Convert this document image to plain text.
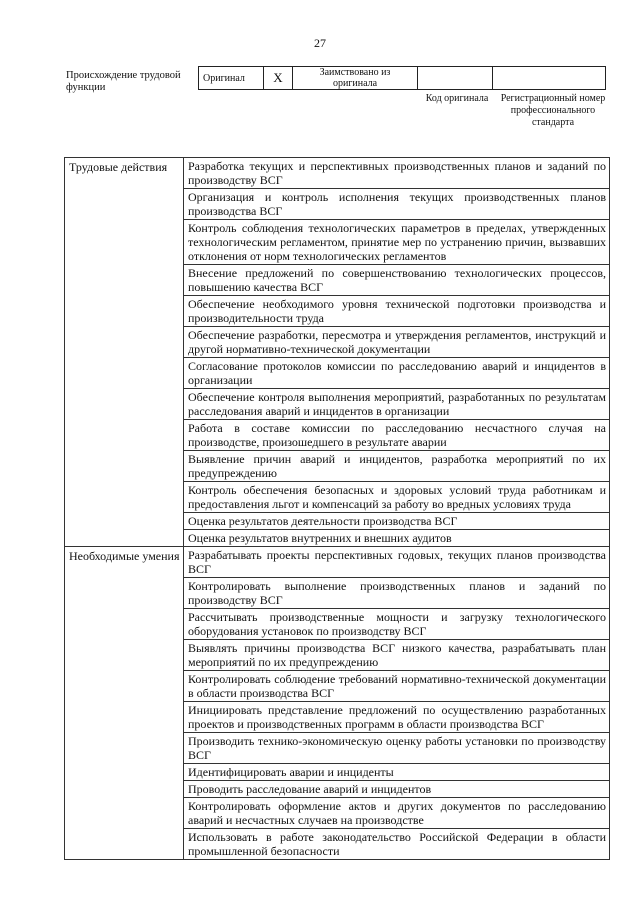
27
Происхождение трудовой функции
Оригинал	X	Заимствовано из оригинала		
Код оригинала	Регистрационный номер профессионального стандарта
Трудовые действия	Разработка текущих и перспективных производственных планов и заданий по производству ВСГ
	Организация и контроль исполнения текущих производственных планов производства ВСГ
	Контроль соблюдения технологических параметров в пределах, утвержденных технологическим регламентом, принятие мер по устранению причин, вызвавших отклонения от норм технологических регламентов
	Внесение предложений по совершенствованию технологических процессов, повышению качества ВСГ
	Обеспечение необходимого уровня технической подготовки производства и производительности труда
	Обеспечение разработки, пересмотра и утверждения регламентов, инструкций и другой нормативно-технической документации
	Согласование протоколов комиссии по расследованию аварий и инцидентов в организации
	Обеспечение контроля выполнения мероприятий, разработанных по результатам расследования аварий и инцидентов в организации
	Работа в составе комиссии по расследованию несчастного случая на производстве, произошедшего в результате аварии
	Выявление причин аварий и инцидентов, разработка мероприятий по их предупреждению
	Контроль обеспечения безопасных и здоровых условий труда работникам и предоставления льгот и компенсаций за работу во вредных условиях труда
	Оценка результатов деятельности производства ВСГ
	Оценка результатов внутренних и внешних аудитов
Необходимые умения	Разрабатывать проекты перспективных годовых, текущих планов производства ВСГ
	Контролировать выполнение производственных планов и заданий по производству ВСГ
	Рассчитывать производственные мощности и загрузку технологического оборудования установок по производству ВСГ
	Выявлять причины производства ВСГ низкого качества, разрабатывать план мероприятий по их предупреждению
	Контролировать соблюдение требований нормативно-технической документации в области производства ВСГ
	Инициировать представление предложений по осуществлению разработанных проектов и производственных программ в области производства ВСГ
	Производить технико-экономическую оценку работы установки по производству ВСГ
	Идентифицировать аварии и инциденты
	Проводить расследование аварий и инцидентов
	Контролировать оформление актов и других документов по расследованию аварий и несчастных случаев на производстве
	Использовать в работе законодательство Российской Федерации в области промышленной безопасности
